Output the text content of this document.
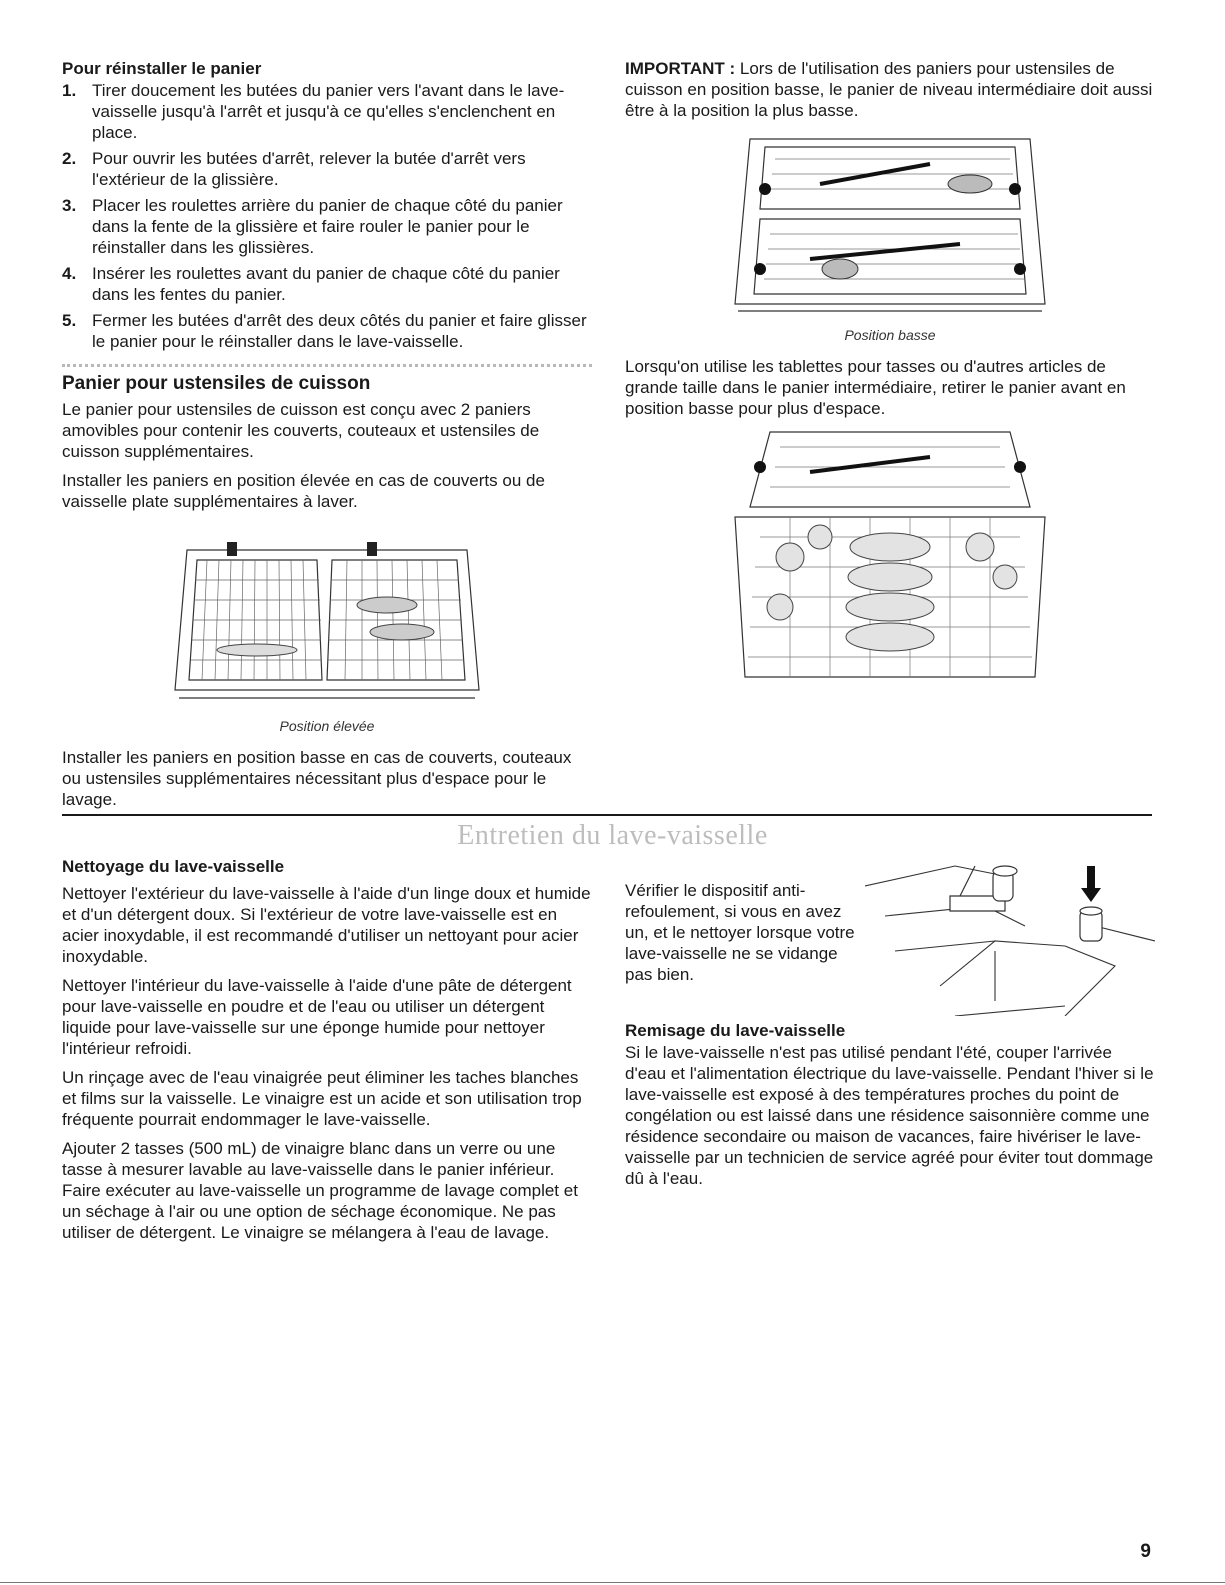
Pour réinstaller le panier
1. Tirer doucement les butées du panier vers l'avant dans le lave-vaisselle jusqu'à l'arrêt et jusqu'à ce qu'elles s'enclenchent en place.
2. Pour ouvrir les butées d'arrêt, relever la butée d'arrêt vers l'extérieur de la glissière.
3. Placer les roulettes arrière du panier de chaque côté du panier dans la fente de la glissière et faire rouler le panier pour le réinstaller dans les glissières.
4. Insérer les roulettes avant du panier de chaque côté du panier dans les fentes du panier.
5. Fermer les butées d'arrêt des deux côtés du panier et faire glisser le panier pour le réinstaller dans le lave-vaisselle.
Panier pour ustensiles de cuisson

Le panier pour ustensiles de cuisson est conçu avec 2 paniers amovibles pour contenir les couverts, couteaux et ustensiles de cuisson supplémentaires.

Installer les paniers en position élevée en cas de couverts ou de vaisselle plate supplémentaires à laver.

Position élevée

Installer les paniers en position basse en cas de couverts, couteaux ou ustensiles supplémentaires nécessitant plus d'espace pour le lavage.

IMPORTANT : Lors de l'utilisation des paniers pour ustensiles de cuisson en position basse, le panier de niveau intermédiaire doit aussi être à la position la plus basse.

Position basse

Lorsqu'on utilise les tablettes pour tasses ou d'autres articles de grande taille dans le panier intermédiaire, retirer le panier avant en position basse pour plus d'espace.

Entretien du lave-vaisselle
Nettoyage du lave-vaisselle

Nettoyer l'extérieur du lave-vaisselle à l'aide d'un linge doux et humide et d'un détergent doux. Si l'extérieur de votre lave-vaisselle est en acier inoxydable, il est recommandé d'utiliser un nettoyant pour acier inoxydable.

Nettoyer l'intérieur du lave-vaisselle à l'aide d'une pâte de détergent pour lave-vaisselle en poudre et de l'eau ou utiliser un détergent liquide pour lave-vaisselle sur une éponge humide pour nettoyer l'intérieur refroidi.

Un rinçage avec de l'eau vinaigrée peut éliminer les taches blanches et films sur la vaisselle. Le vinaigre est un acide et son utilisation trop fréquente pourrait endommager le lave-vaisselle.

Ajouter 2 tasses (500 mL) de vinaigre blanc dans un verre ou une tasse à mesurer lavable au lave-vaisselle dans le panier inférieur. Faire exécuter au lave-vaisselle un programme de lavage complet et un séchage à l'air ou une option de séchage économique. Ne pas utiliser de détergent. Le vinaigre se mélangera à l'eau de lavage.

Vérifier le dispositif anti-refoulement, si vous en avez un, et le nettoyer lorsque votre lave-vaisselle ne se vidange pas bien.
Remisage du lave-vaisselle

Si le lave-vaisselle n'est pas utilisé pendant l'été, couper l'arrivée d'eau et l'alimentation électrique du lave-vaisselle. Pendant l'hiver si le lave-vaisselle est exposé à des températures proches du point de congélation ou est laissé dans une résidence saisonnière comme une résidence secondaire ou maison de vacances, faire hivériser le lave-vaisselle par un technicien de service agréé pour éviter tout dommage dû à l'eau.

9
